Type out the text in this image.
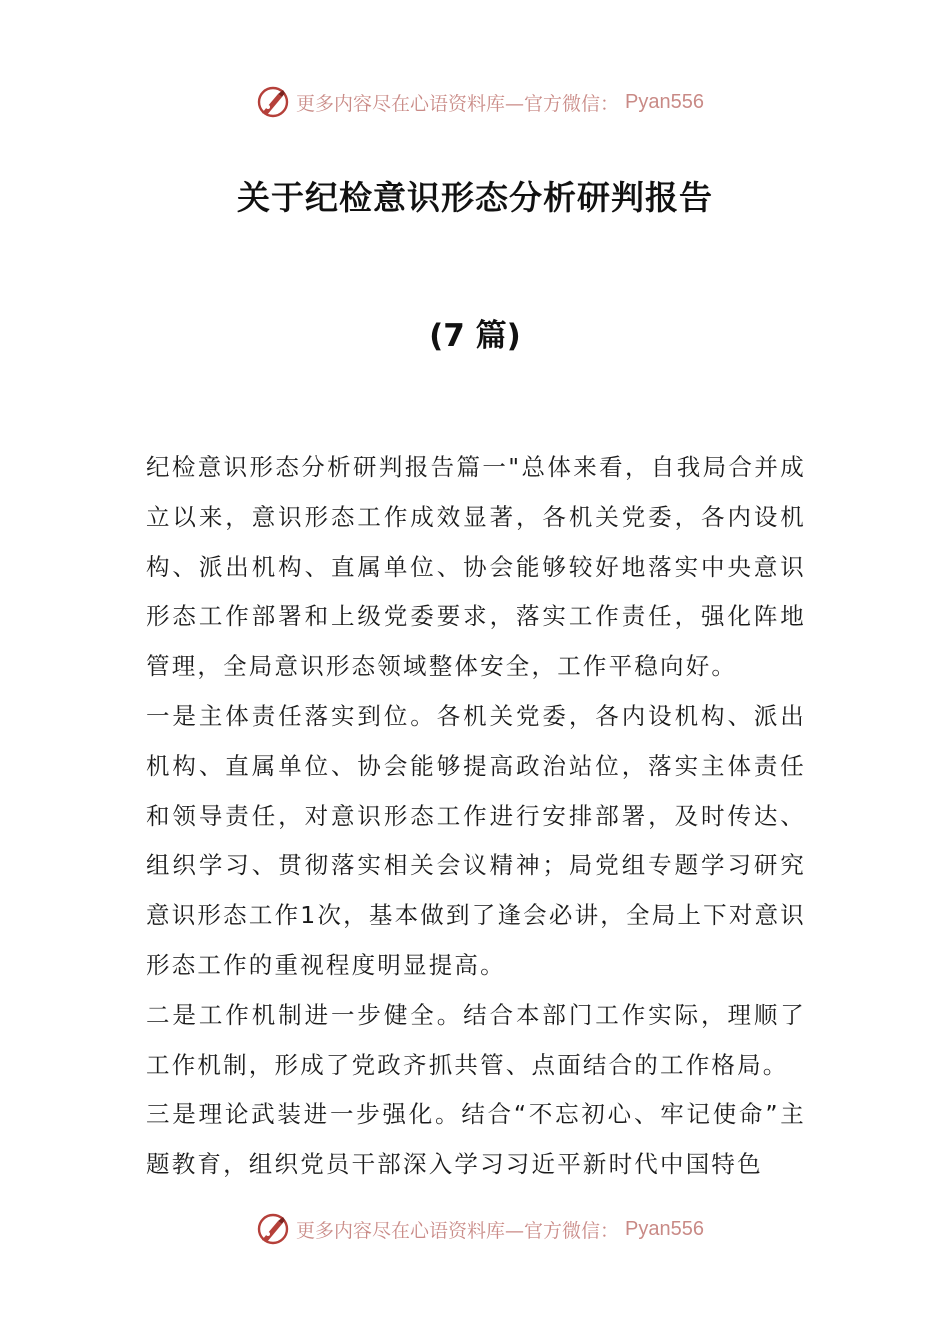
更多内容尽在心语资料库—官方微信： Pyan556
关于纪检意识形态分析研判报告
(7 篇)

纪检意识形态分析研判报告篇一"总体来看，自我局合并成立以来，意识形态工作成效显著，各机关党委，各内设机构、派出机构、直属单位、协会能够较好地落实中央意识形态工作部署和上级党委要求，落实工作责任，强化阵地管理，全局意识形态领域整体安全，工作平稳向好。

一是主体责任落实到位。各机关党委，各内设机构、派出机构、直属单位、协会能够提高政治站位，落实主体责任和领导责任，对意识形态工作进行安排部署，及时传达、组织学习、贯彻落实相关会议精神；局党组专题学习研究意识形态工作1次，基本做到了逢会必讲，全局上下对意识形态工作的重视程度明显提高。

二是工作机制进一步健全。结合本部门工作实际，理顺了工作机制，形成了党政齐抓共管、点面结合的工作格局。

三是理论武装进一步强化。结合“不忘初心、牢记使命”主题教育，组织党员干部深入学习习近平新时代中国特色

更多内容尽在心语资料库—官方微信： Pyan556
